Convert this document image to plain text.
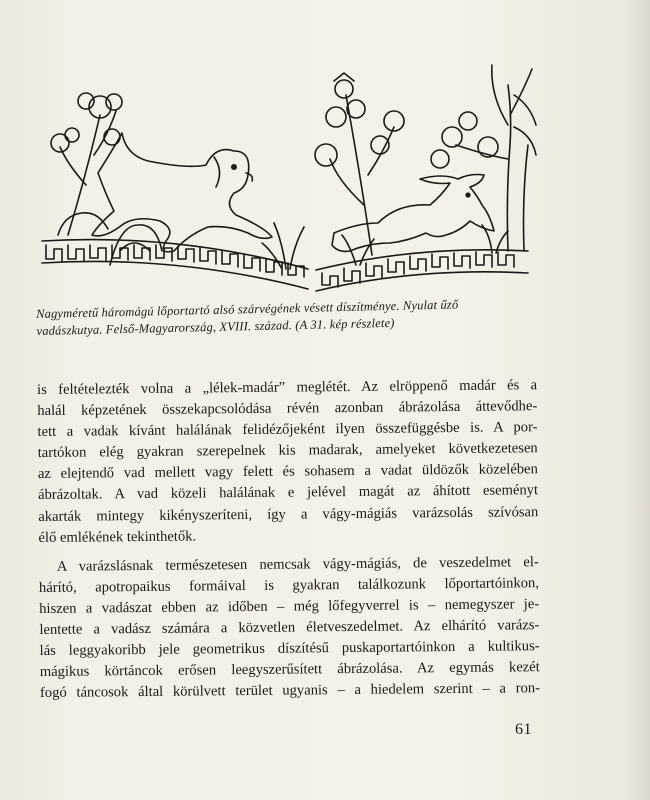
Nagyméretű háromágú lőportartó alsó szárvégének vésett díszítménye. Nyulat űző
vadászkutya. Felső-Magyarország, XVIII. század. (A 31. kép részlete)
is feltételezték volna a „lélek-madár” meglétét. Az elröppenő madár és a
halál képzetének összekapcsolódása révén azonban ábrázolása áttevődhe-
tett a vadak kívánt halálának felidézőjeként ilyen összefüggésbe is. A por-
tartókon elég gyakran szerepelnek kis madarak, amelyeket következetesen
az elejtendő vad mellett vagy felett és sohasem a vadat üldözők közelében
ábrázoltak. A vad közeli halálának e jelével magát az áhított eseményt
akarták mintegy kikényszeríteni, így a vágy-mágiás varázsolás szívósan
élő emlékének tekinthetők.
A varázslásnak természetesen nemcsak vágy-mágiás, de veszedelmet el-
hárító, apotropaikus formáival is gyakran találkozunk lőportartóinkon,
hiszen a vadászat ebben az időben – még lőfegyverrel is – nemegyszer je-
lentette a vadász számára a közvetlen életveszedelmet. Az elhárító varázs-
lás leggyakoribb jele geometrikus díszítésű puskaportartóinkon a kultikus-
mágikus körtáncok erősen leegyszerűsített ábrázolása. Az egymás kezét
fogó táncosok által körülvett terület ugyanis – a hiedelem szerint – a ron-
61
